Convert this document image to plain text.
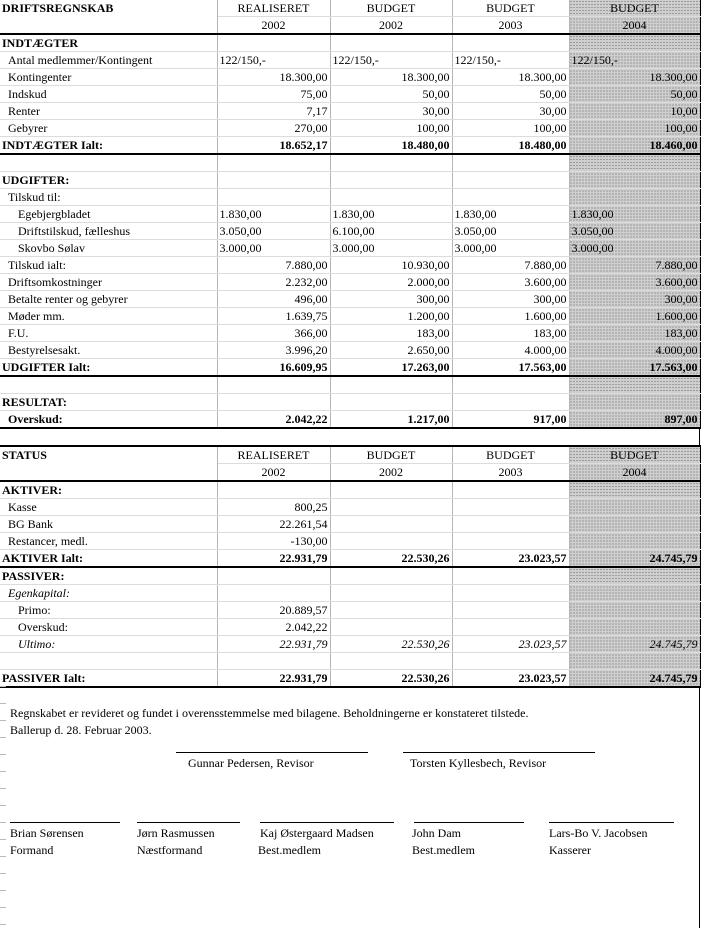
DRIFTSREGNSKAB	REALISERET	BUDGET	BUDGET	BUDGET
	2002	2002	2003	2004
INDTÆGTER				
Antal medlemmer/Kontingent	122/150,-	122/150,-	122/150,-	122/150,-
Kontingenter	18.300,00	18.300,00	18.300,00	18.300,00
Indskud	75,00	50,00	50,00	50,00
Renter	7,17	30,00	30,00	10,00
Gebyrer	270,00	100,00	100,00	100,00
INDTÆGTER Ialt:	18.652,17	18.480,00	18.480,00	18.460,00

UDGIFTER:				
Tilskud til:				
Egebjergbladet	1.830,00	1.830,00	1.830,00	1.830,00
Driftstilskud, fælleshus	3.050,00	6.100,00	3.050,00	3.050,00
Skovbo Sølav	3.000,00	3.000,00	3.000,00	3.000,00
Tilskud ialt:	7.880,00	10.930,00	7.880,00	7.880,00
Driftsomkostninger	2.232,00	2.000,00	3.600,00	3.600,00
Betalte renter og gebyrer	496,00	300,00	300,00	300,00
Møder mm.	1.639,75	1.200,00	1.600,00	1.600,00
F.U.	366,00	183,00	183,00	183,00
Bestyrelsesakt.	3.996,20	2.650,00	4.000,00	4.000,00
UDGIFTER Ialt:	16.609,95	17.263,00	17.563,00	17.563,00

RESULTAT:				
Overskud:	2.042,22	1.217,00	917,00	897,00
STATUS	REALISERET	BUDGET	BUDGET	BUDGET
	2002	2002	2003	2004
AKTIVER:				
Kasse	800,25			
BG Bank	22.261,54			
Restancer, medl.	-130,00			
AKTIVER Ialt:	22.931,79	22.530,26	23.023,57	24.745,79
PASSIVER:				
Egenkapital:				
Primo:	20.889,57			
Overskud:	2.042,22			
Ultimo:	22.931,79	22.530,26	23.023,57	24.745,79

PASSIVER Ialt:	22.931,79	22.530,26	23.023,57	24.745,79
Regnskabet er revideret og fundet i overensstemmelse med bilagene. Beholdningerne er konstateret tilstede.
Ballerup d. 28. Februar 2003.
Gunnar Pedersen, Revisor	Torsten Kyllesbech, Revisor
Brian Sørensen	Jørn Rasmussen	Kaj Østergaard Madsen	John Dam	Lars-Bo V. Jacobsen
Formand	Næstformand	Best.medlem	Best.medlem	Kasserer
